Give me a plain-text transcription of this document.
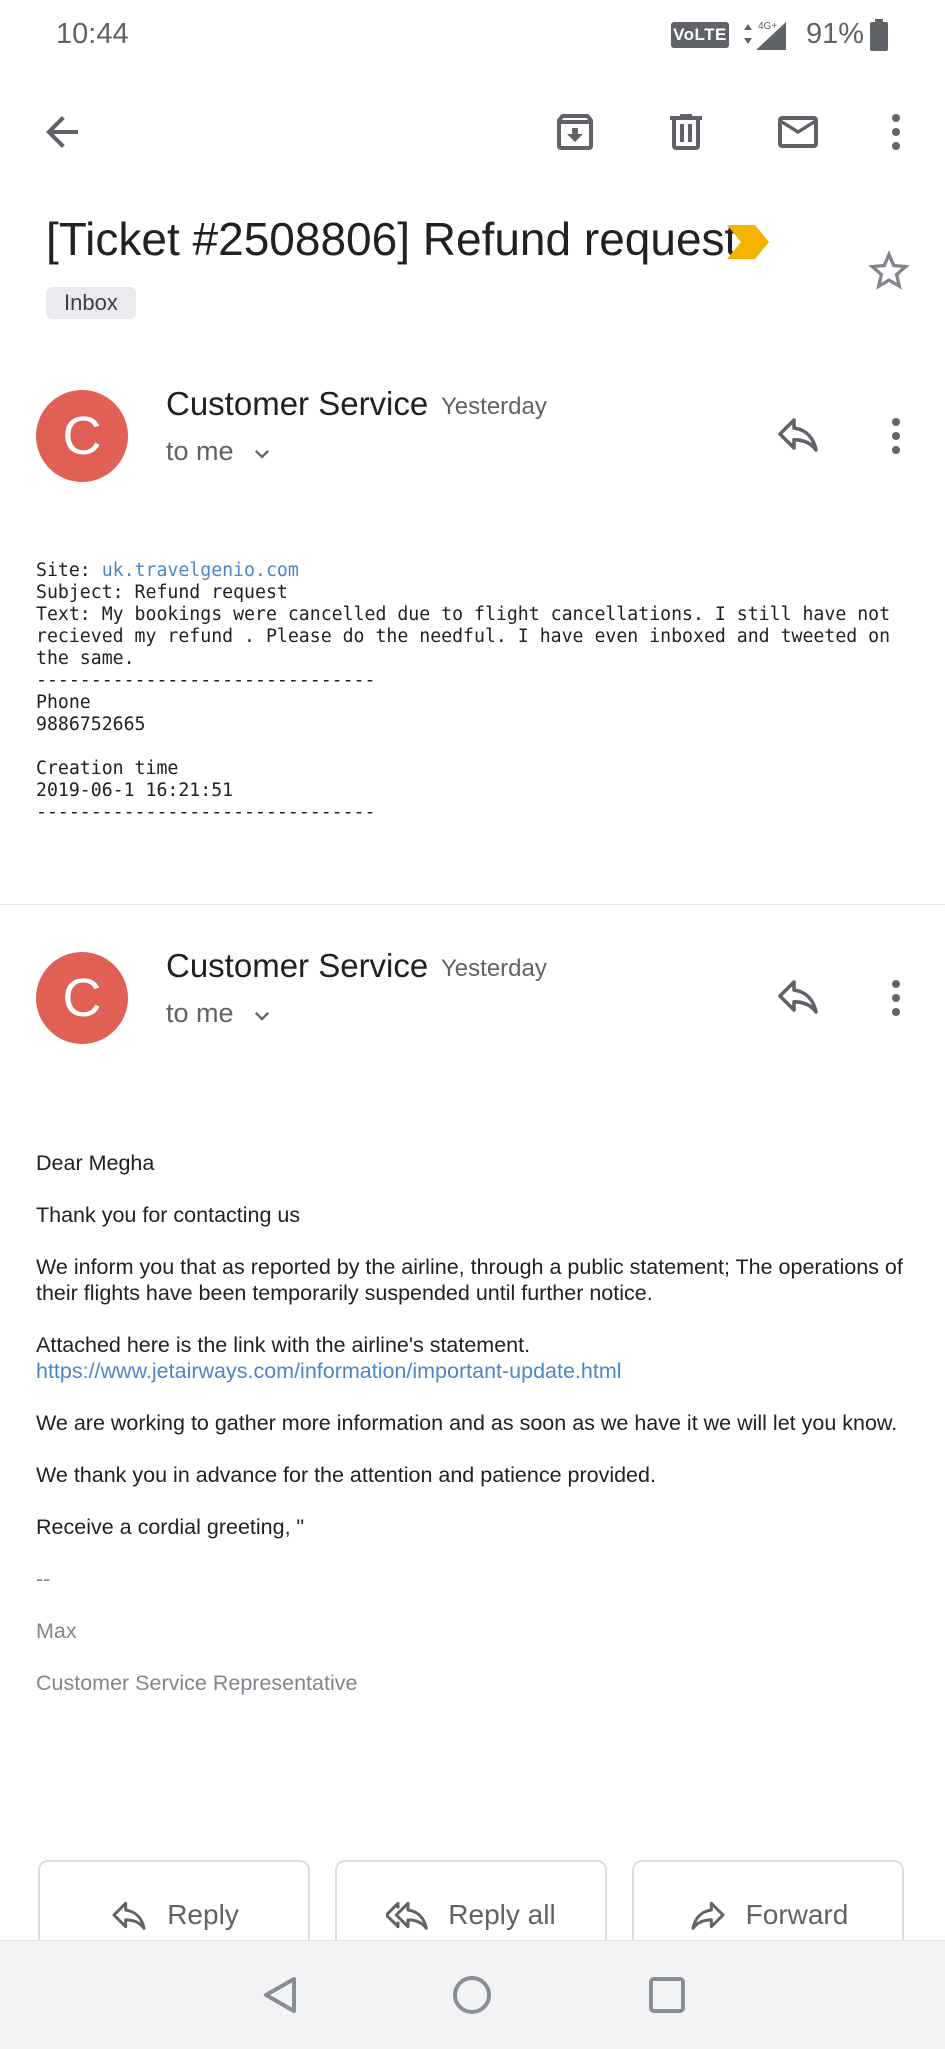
10:44	VoLTE	4G+ 91%
[Ticket #2508806] Refund request
Inbox
C
Customer Service Yesterday
to me
Site: uk.travelgenio.com
Subject: Refund request
Text: My bookings were cancelled due to flight cancellations. I still have not recieved my refund . Please do the needful. I have even inboxed and tweeted on the same.
-------------------------------
Phone
9886752665

Creation time
2019-06-1 16:21:51
-------------------------------
C
Customer Service Yesterday
to me

Dear Megha

Thank you for contacting us

We inform you that as reported by the airline, through a public statement; The operations of their flights have been temporarily suspended until further notice.

Attached here is the link with the airline's statement. https://www.jetairways.com/information/important-update.html

We are working to gather more information and as soon as we have it we will let you know.

We thank you in advance for the attention and patience provided.

Receive a cordial greeting, "

--

Max

Customer Service Representative

Reply	Reply all	Forward
